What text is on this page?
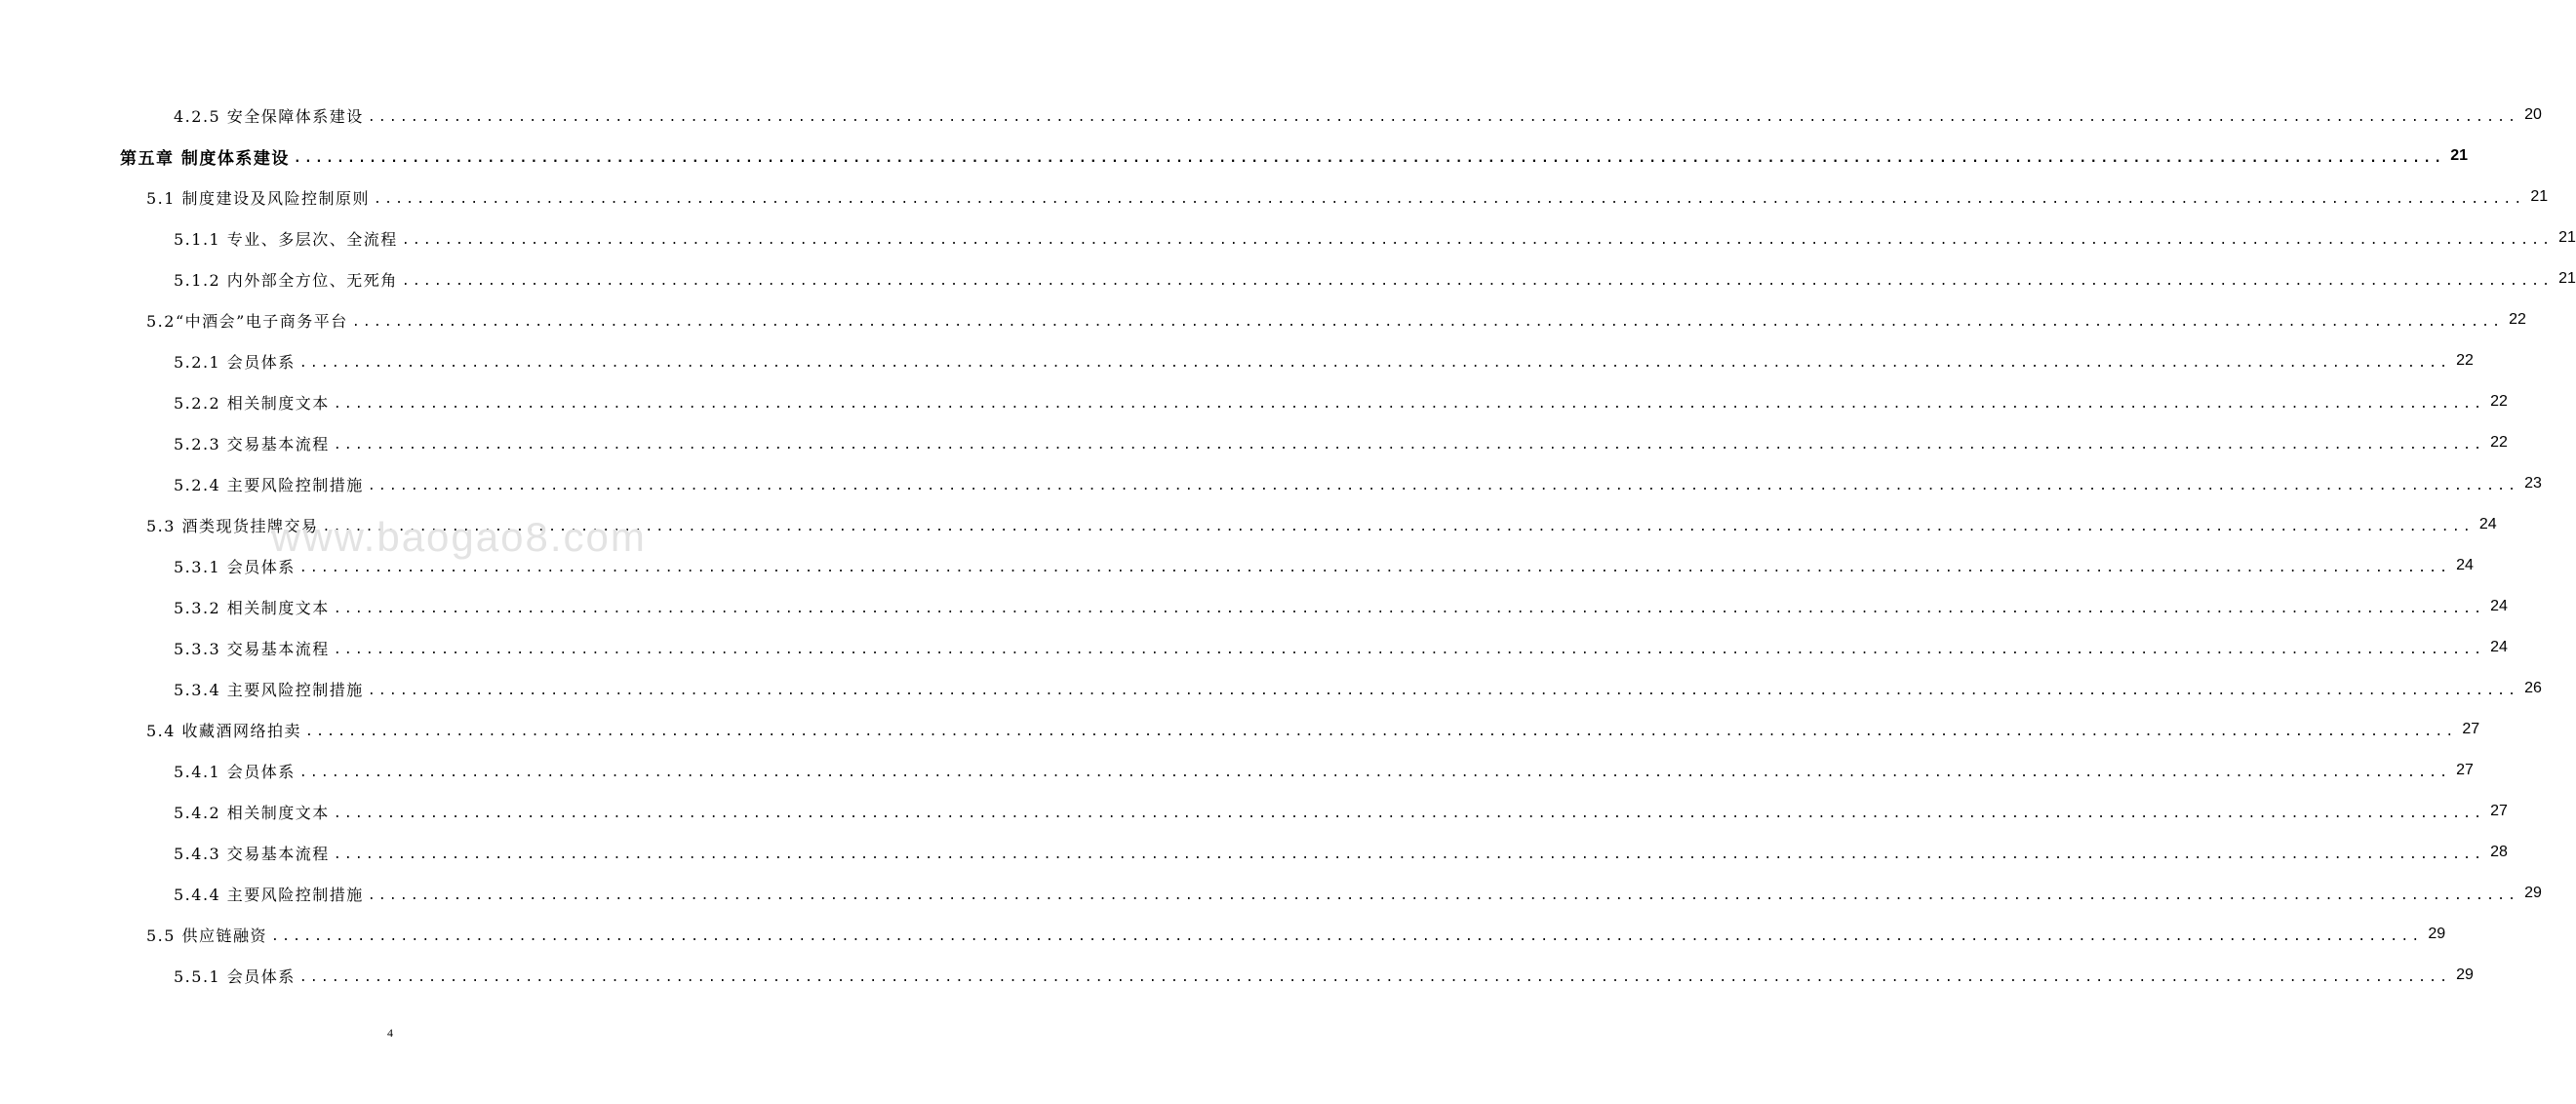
4.2.5 安全保障体系建设 ........................................................................................................................................................................................................ 20
第五章 制度体系建设 ........................................................................................................................................................................................................ 21
5.1 制度建设及风险控制原则 ........................................................................................................................................................................................................ 21
5.1.1 专业、多层次、全流程 ........................................................................................................................................................................................................ 21
5.1.2 内外部全方位、无死角 ........................................................................................................................................................................................................ 21
5.2“中酒会”电子商务平台 ........................................................................................................................................................................................................ 22
5.2.1 会员体系 ........................................................................................................................................................................................................ 22
5.2.2 相关制度文本 ........................................................................................................................................................................................................ 22
5.2.3 交易基本流程 ........................................................................................................................................................................................................ 22
5.2.4 主要风险控制措施 ........................................................................................................................................................................................................ 23
5.3 酒类现货挂牌交易 ........................................................................................................................................................................................................ 24
5.3.1 会员体系 ........................................................................................................................................................................................................ 24
5.3.2 相关制度文本 ........................................................................................................................................................................................................ 24
5.3.3 交易基本流程 ........................................................................................................................................................................................................ 24
5.3.4 主要风险控制措施 ........................................................................................................................................................................................................ 26
5.4 收藏酒网络拍卖 ........................................................................................................................................................................................................ 27
5.4.1 会员体系 ........................................................................................................................................................................................................ 27
5.4.2 相关制度文本 ........................................................................................................................................................................................................ 27
5.4.3 交易基本流程 ........................................................................................................................................................................................................ 28
5.4.4 主要风险控制措施 ........................................................................................................................................................................................................ 29
5.5 供应链融资 ........................................................................................................................................................................................................ 29
5.5.1 会员体系 ........................................................................................................................................................................................................ 29
www.baogao8.com
4
